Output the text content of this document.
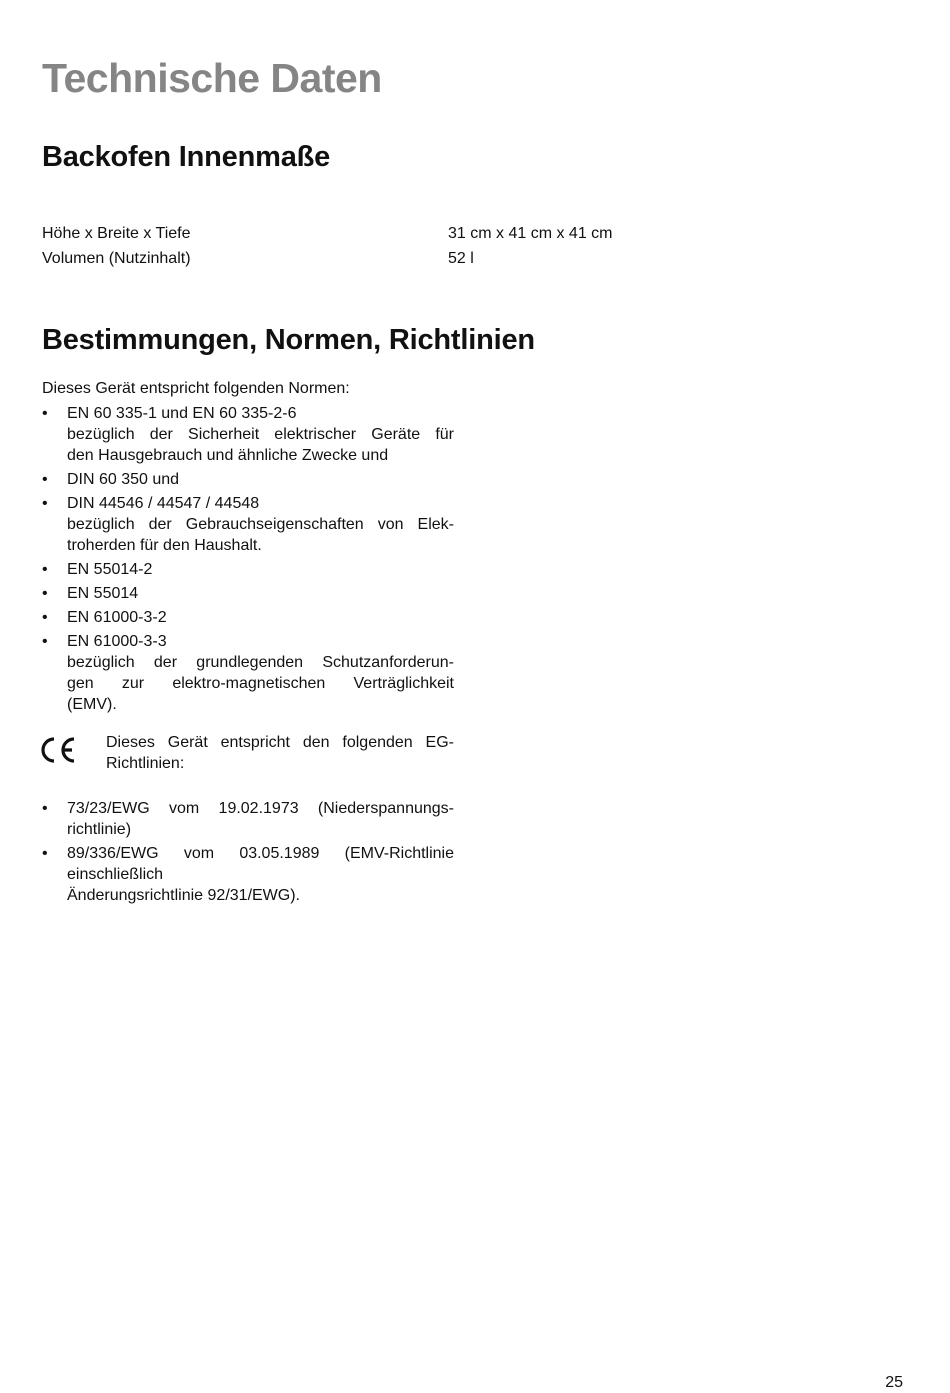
Technische Daten
Backofen Innenmaße
Höhe x Breite x Tiefe	31 cm x 41 cm x 41 cm
Volumen (Nutzinhalt)	52 l
Bestimmungen, Normen, Richtlinien
Dieses Gerät entspricht folgenden Normen:
• EN 60 335-1 und EN 60 335-2-6
bezüglich der Sicherheit elektrischer Geräte für
den Hausgebrauch und ähnliche Zwecke und
• DIN 60 350 und
• DIN 44546 / 44547 / 44548
bezüglich der Gebrauchseigenschaften von Elek-
troherden für den Haushalt.
• EN 55014-2
• EN 55014
• EN 61000-3-2
• EN 61000-3-3
bezüglich der grundlegenden Schutzanforderun-
gen zur elektro-magnetischen Verträglichkeit
(EMV).
Dieses Gerät entspricht den folgenden EG-
Richtlinien:
• 73/23/EWG vom 19.02.1973 (Niederspannungs-
richtlinie)
• 89/336/EWG vom 03.05.1989 (EMV-Richtlinie
einschließlich
Änderungsrichtlinie 92/31/EWG).
25
